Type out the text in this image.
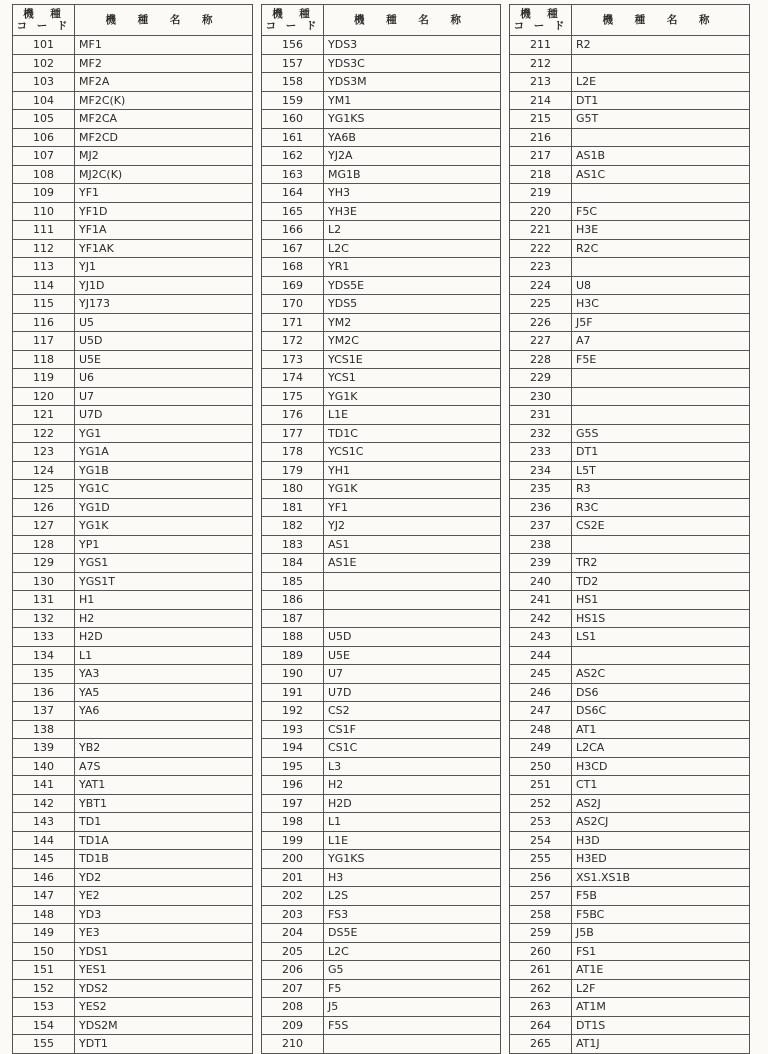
機　種
コ ー ド	機 種 名 称
101	MF1
102	MF2
103	MF2A
104	MF2C(K)
105	MF2CA
106	MF2CD
107	MJ2
108	MJ2C(K)
109	YF1
110	YF1D
111	YF1A
112	YF1AK
113	YJ1
114	YJ1D
115	YJ173
116	U5
117	U5D
118	U5E
119	U6
120	U7
121	U7D
122	YG1
123	YG1A
124	YG1B
125	YG1C
126	YG1D
127	YG1K
128	YP1
129	YGS1
130	YGS1T
131	H1
132	H2
133	H2D
134	L1
135	YA3
136	YA5
137	YA6
138	
139	YB2
140	A7S
141	YAT1
142	YBT1
143	TD1
144	TD1A
145	TD1B
146	YD2
147	YE2
148	YD3
149	YE3
150	YDS1
151	YES1
152	YDS2
153	YES2
154	YDS2M
155	YDT1
機　種
コ ー ド	機 種 名 称
156	YDS3
157	YDS3C
158	YDS3M
159	YM1
160	YG1KS
161	YA6B
162	YJ2A
163	MG1B
164	YH3
165	YH3E
166	L2
167	L2C
168	YR1
169	YDS5E
170	YDS5
171	YM2
172	YM2C
173	YCS1E
174	YCS1
175	YG1K
176	L1E
177	TD1C
178	YCS1C
179	YH1
180	YG1K
181	YF1
182	YJ2
183	AS1
184	AS1E
185	
186	
187	
188	U5D
189	U5E
190	U7
191	U7D
192	CS2
193	CS1F
194	CS1C
195	L3
196	H2
197	H2D
198	L1
199	L1E
200	YG1KS
201	H3
202	L2S
203	FS3
204	DS5E
205	L2C
206	G5
207	F5
208	J5
209	F5S
210	
機　種
コ ー ド	機 種 名 称
211	R2
212	
213	L2E
214	DT1
215	G5T
216	
217	AS1B
218	AS1C
219	
220	F5C
221	H3E
222	R2C
223	
224	U8
225	H3C
226	J5F
227	A7
228	F5E
229	
230	
231	
232	G5S
233	DT1
234	L5T
235	R3
236	R3C
237	CS2E
238	
239	TR2
240	TD2
241	HS1
242	HS1S
243	LS1
244	
245	AS2C
246	DS6
247	DS6C
248	AT1
249	L2CA
250	H3CD
251	CT1
252	AS2J
253	AS2CJ
254	H3D
255	H3ED
256	XS1.XS1B
257	F5B
258	F5BC
259	J5B
260	FS1
261	AT1E
262	L2F
263	AT1M
264	DT1S
265	AT1J
